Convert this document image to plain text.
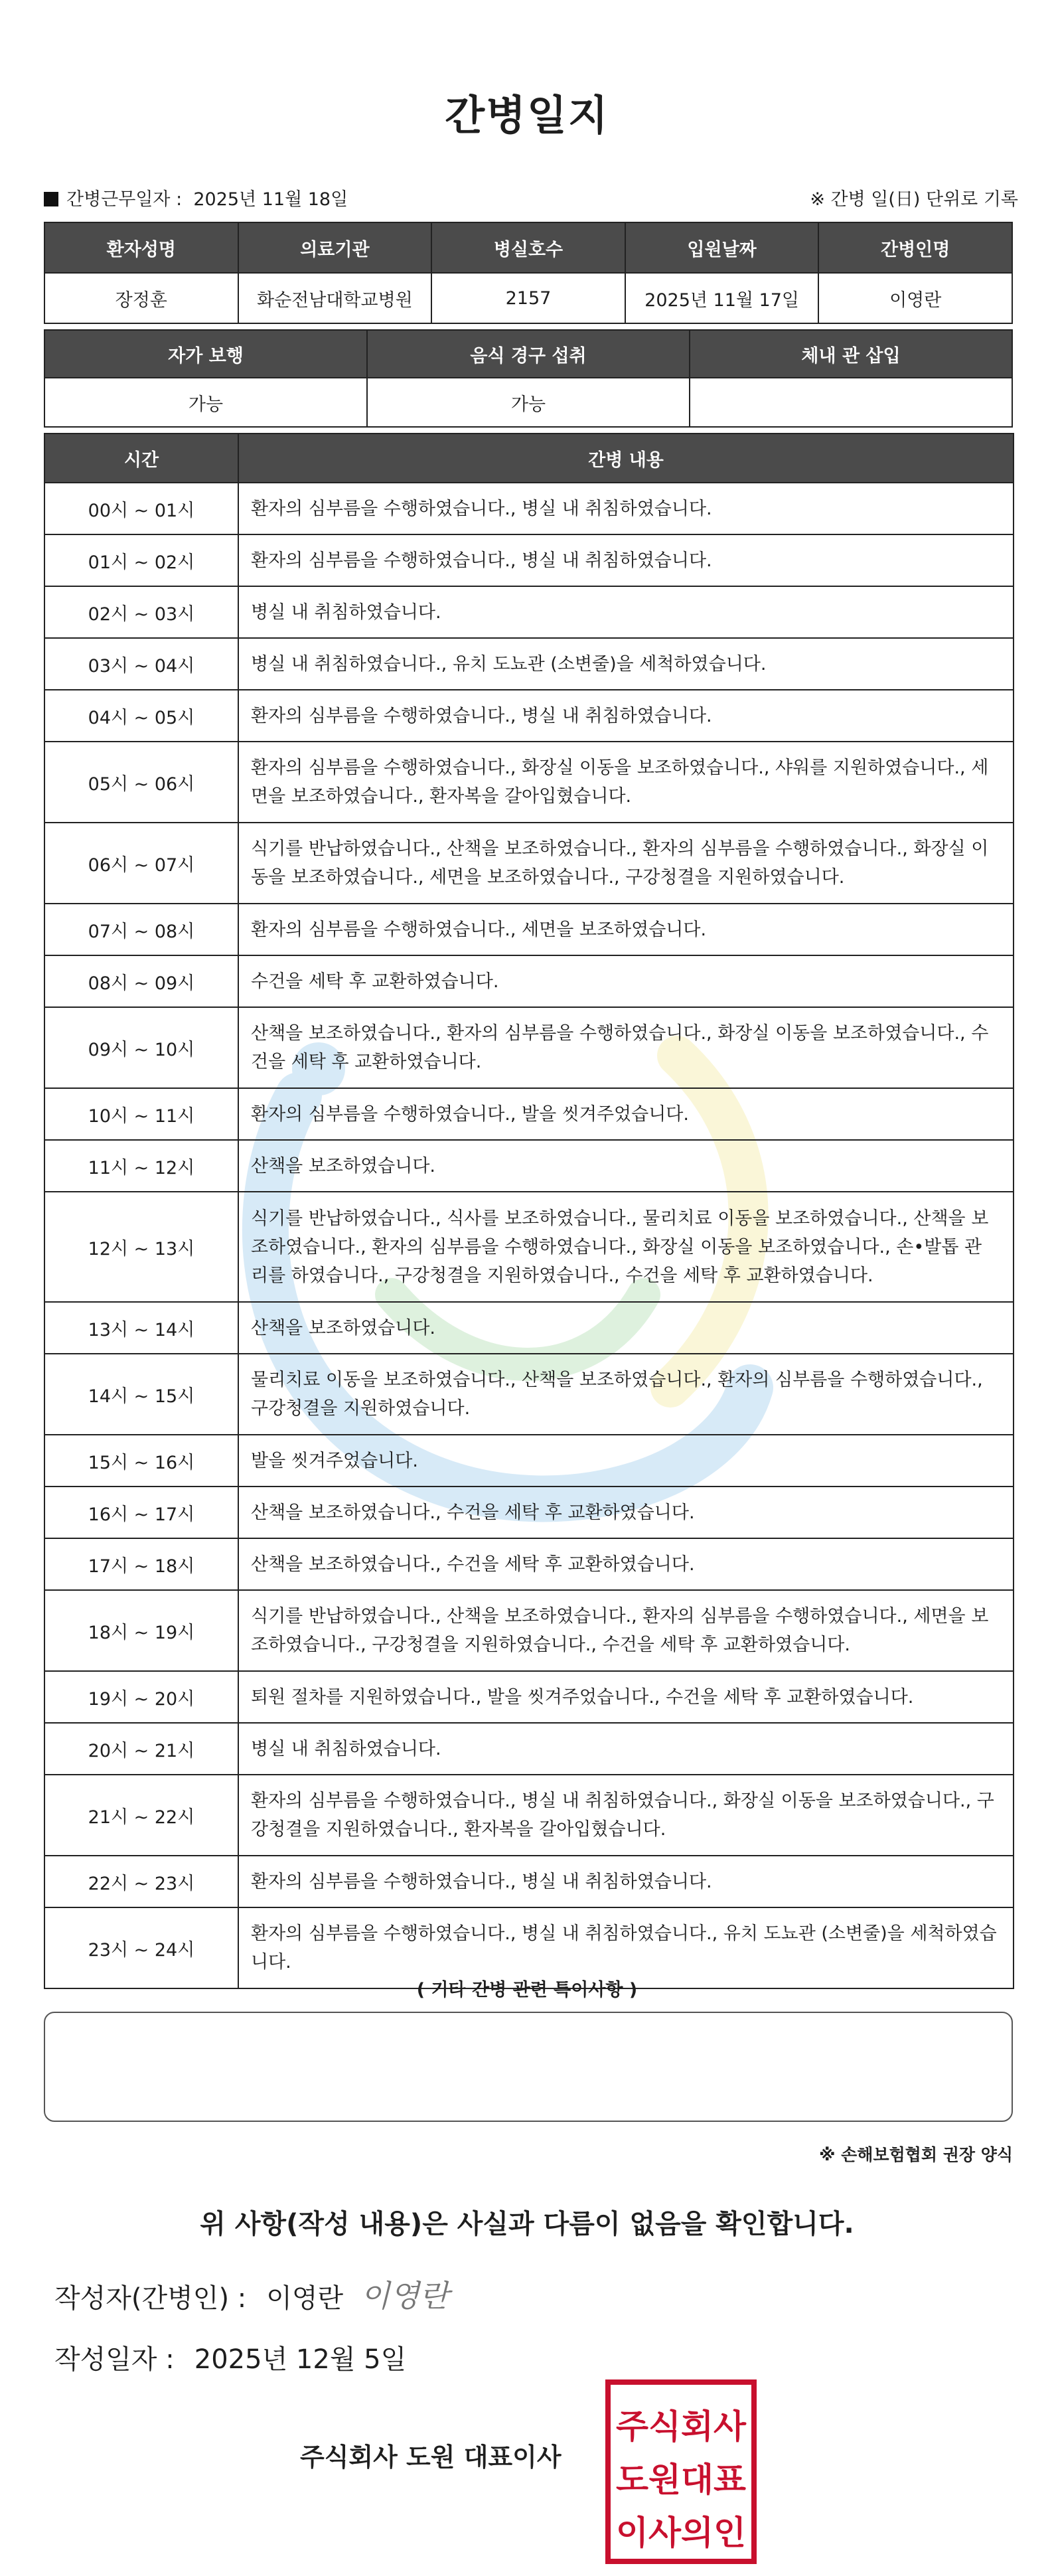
간병일지
간병근무일자 : 2025년 11월 18일	※ 간병 일(日) 단위로 기록
환자성명	의료기관	병실호수	입원날짜	간병인명
장정훈	화순전남대학교병원	2157	2025년 11월 17일	이영란
자가 보행	음식 경구 섭취	체내 관 삽입
가능	가능	
시간	간병 내용
00시 ~ 01시	환자의 심부름을 수행하였습니다., 병실 내 취침하였습니다.
01시 ~ 02시	환자의 심부름을 수행하였습니다., 병실 내 취침하였습니다.
02시 ~ 03시	병실 내 취침하였습니다.
03시 ~ 04시	병실 내 취침하였습니다., 유치 도뇨관 (소변줄)을 세척하였습니다.
04시 ~ 05시	환자의 심부름을 수행하였습니다., 병실 내 취침하였습니다.
05시 ~ 06시	환자의 심부름을 수행하였습니다., 화장실 이동을 보조하였습니다., 샤워를 지원하였습니다., 세면을 보조하였습니다., 환자복을 갈아입혔습니다.
06시 ~ 07시	식기를 반납하였습니다., 산책을 보조하였습니다., 환자의 심부름을 수행하였습니다., 화장실 이동을 보조하였습니다., 세면을 보조하였습니다., 구강청결을 지원하였습니다.
07시 ~ 08시	환자의 심부름을 수행하였습니다., 세면을 보조하였습니다.
08시 ~ 09시	수건을 세탁 후 교환하였습니다.
09시 ~ 10시	산책을 보조하였습니다., 환자의 심부름을 수행하였습니다., 화장실 이동을 보조하였습니다., 수건을 세탁 후 교환하였습니다.
10시 ~ 11시	환자의 심부름을 수행하였습니다., 발을 씻겨주었습니다.
11시 ~ 12시	산책을 보조하였습니다.
12시 ~ 13시	식기를 반납하였습니다., 식사를 보조하였습니다., 물리치료 이동을 보조하였습니다., 산책을 보조하였습니다., 환자의 심부름을 수행하였습니다., 화장실 이동을 보조하였습니다., 손•발톱 관리를 하였습니다., 구강청결을 지원하였습니다., 수건을 세탁 후 교환하였습니다.
13시 ~ 14시	산책을 보조하였습니다.
14시 ~ 15시	물리치료 이동을 보조하였습니다., 산책을 보조하였습니다., 환자의 심부름을 수행하였습니다., 구강청결을 지원하였습니다.
15시 ~ 16시	발을 씻겨주었습니다.
16시 ~ 17시	산책을 보조하였습니다., 수건을 세탁 후 교환하였습니다.
17시 ~ 18시	산책을 보조하였습니다., 수건을 세탁 후 교환하였습니다.
18시 ~ 19시	식기를 반납하였습니다., 산책을 보조하였습니다., 환자의 심부름을 수행하였습니다., 세면을 보조하였습니다., 구강청결을 지원하였습니다., 수건을 세탁 후 교환하였습니다.
19시 ~ 20시	퇴원 절차를 지원하였습니다., 발을 씻겨주었습니다., 수건을 세탁 후 교환하였습니다.
20시 ~ 21시	병실 내 취침하였습니다.
21시 ~ 22시	환자의 심부름을 수행하였습니다., 병실 내 취침하였습니다., 화장실 이동을 보조하였습니다., 구강청결을 지원하였습니다., 환자복을 갈아입혔습니다.
22시 ~ 23시	환자의 심부름을 수행하였습니다., 병실 내 취침하였습니다.
23시 ~ 24시	환자의 심부름을 수행하였습니다., 병실 내 취침하였습니다., 유치 도뇨관 (소변줄)을 세척하였습니다.
( 기타 간병 관련 특이사항 )
※ 손해보험협회 권장 양식
위 사항(작성 내용)은 사실과 다름이 없음을 확인합니다.
작성자(간병인) : 이영란 이영란
작성일자 : 2025년 12월 5일
주식회사 도원 대표이사
주식회사
도원대표
이사의인
